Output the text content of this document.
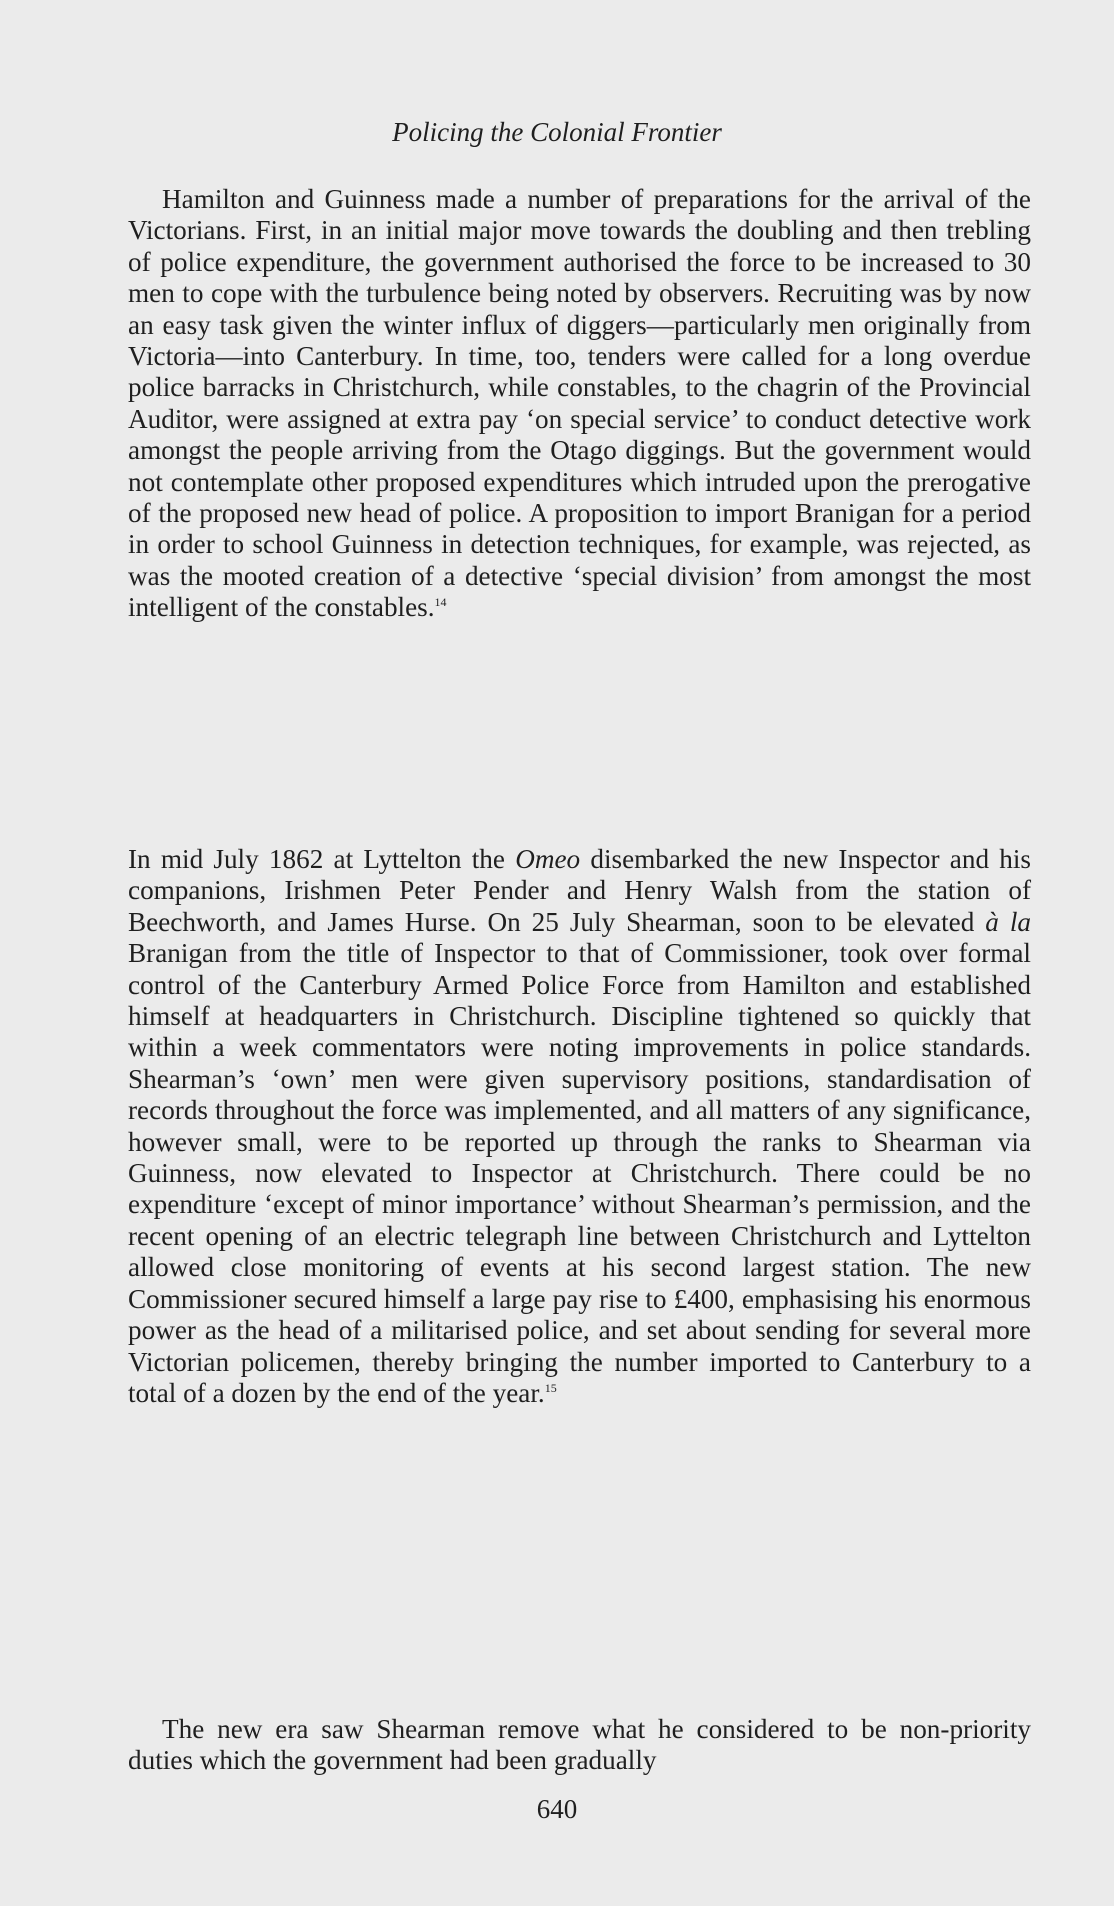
Policing the Colonial Frontier

Hamilton and Guinness made a number of preparations for the arrival of the Victorians. First, in an initial major move towards the doubling and then trebling of police expenditure, the government authorised the force to be increased to 30 men to cope with the turbulence being noted by observers. Recruiting was by now an easy task given the winter influx of diggers—particularly men originally from Victoria—into Canterbury. In time, too, tenders were called for a long overdue police barracks in Christchurch, while constables, to the chagrin of the Provincial Auditor, were assigned at extra pay ‘on special service’ to conduct detective work amongst the people arriving from the Otago diggings. But the government would not contemplate other proposed expenditures which intruded upon the prerogative of the proposed new head of police. A proposition to import Branigan for a period in order to school Guinness in detection techniques, for example, was rejected, as was the mooted creation of a detective ‘special division’ from amongst the most intelligent of the constables.$^{14}$

In mid July 1862 at Lyttelton the Omeo disembarked the new Inspector and his companions, Irishmen Peter Pender and Henry Walsh from the station of Beechworth, and James Hurse. On 25 July Shearman, soon to be elevated à la Branigan from the title of Inspector to that of Commissioner, took over formal control of the Canterbury Armed Police Force from Hamilton and established himself at headquarters in Christchurch. Discipline tightened so quickly that within a week commentators were noting improvements in police standards. Shearman’s ‘own’ men were given supervisory positions, standardisation of records throughout the force was implemented, and all matters of any significance, however small, were to be reported up through the ranks to Shearman via Guinness, now elevated to Inspector at Christchurch. There could be no expenditure ‘except of minor importance’ without Shearman’s permission, and the recent opening of an electric telegraph line between Christchurch and Lyttelton allowed close monitoring of events at his second largest station. The new Commissioner secured himself a large pay rise to £400, emphasising his enormous power as the head of a militarised police, and set about sending for several more Victorian policemen, thereby bringing the number imported to Canterbury to a total of a dozen by the end of the year.$^{15}$

The new era saw Shearman remove what he considered to be non-priority duties which the government had been gradually

640
